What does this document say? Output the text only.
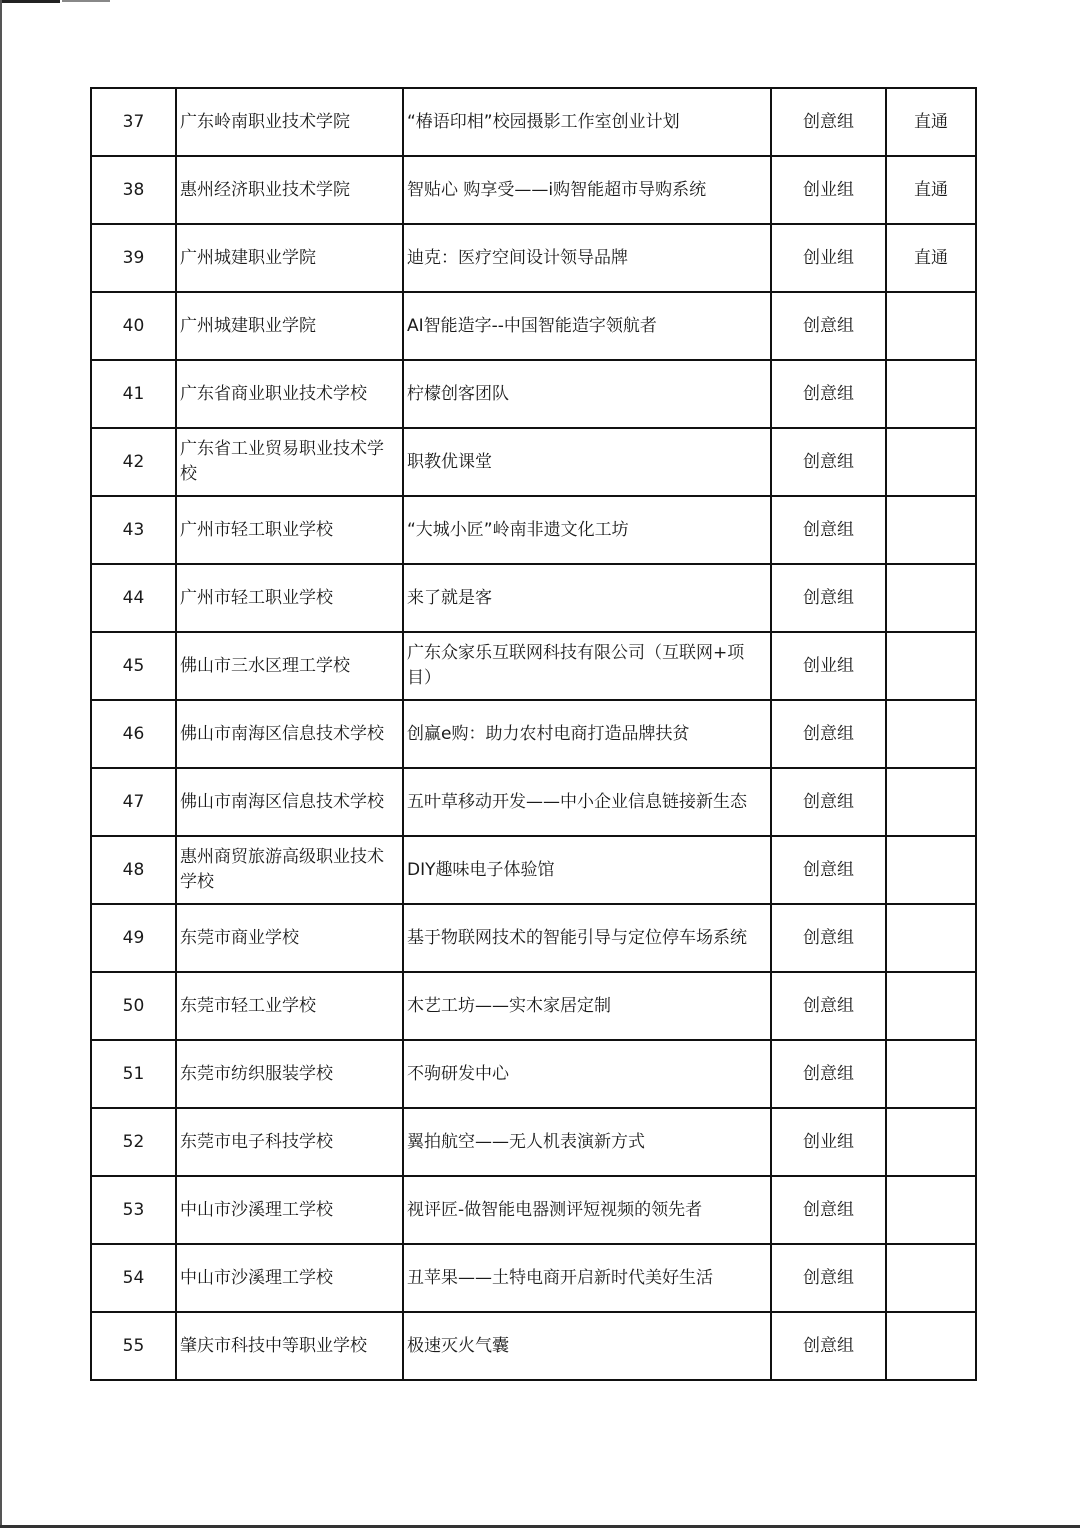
37	广东岭南职业技术学院	“椿语印相”校园摄影工作室创业计划	创意组	直通
38	惠州经济职业技术学院	智贴心 购享受——i购智能超市导购系统	创业组	直通
39	广州城建职业学院	迪克：医疗空间设计领导品牌	创业组	直通
40	广州城建职业学院	AI智能造字--中国智能造字领航者	创意组	
41	广东省商业职业技术学校	柠檬创客团队	创意组	
42	广东省工业贸易职业技术学校	职教优课堂	创意组	
43	广州市轻工职业学校	“大城小匠”岭南非遗文化工坊	创意组	
44	广州市轻工职业学校	来了就是客	创意组	
45	佛山市三水区理工学校	广东众家乐互联网科技有限公司（互联网+项目）	创业组	
46	佛山市南海区信息技术学校	创赢e购：助力农村电商打造品牌扶贫	创意组	
47	佛山市南海区信息技术学校	五叶草移动开发——中小企业信息链接新生态	创意组	
48	惠州商贸旅游高级职业技术学校	DIY趣味电子体验馆	创意组	
49	东莞市商业学校	基于物联网技术的智能引导与定位停车场系统	创意组	
50	东莞市轻工业学校	木艺工坊——实木家居定制	创意组	
51	东莞市纺织服装学校	不驹研发中心	创意组	
52	东莞市电子科技学校	翼拍航空——无人机表演新方式	创业组	
53	中山市沙溪理工学校	视评匠-做智能电器测评短视频的领先者	创意组	
54	中山市沙溪理工学校	丑苹果——土特电商开启新时代美好生活	创意组	
55	肇庆市科技中等职业学校	极速灭火气囊	创意组	
